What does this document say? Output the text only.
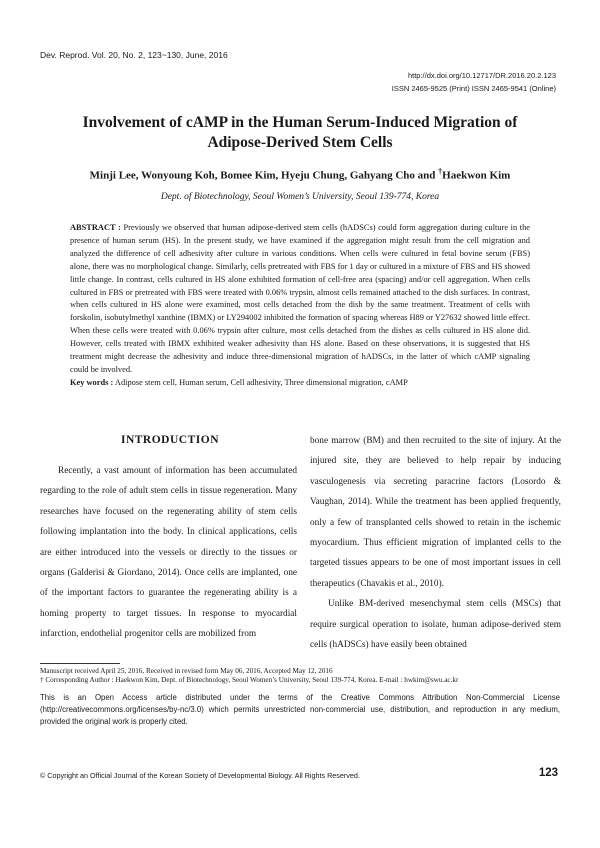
Dev. Reprod. Vol. 20, No. 2, 123~130, June, 2016
http://dx.doi.org/10.12717/DR.2016.20.2.123
ISSN 2465-9525 (Print) ISSN 2465-9541 (Online)
Involvement of cAMP in the Human Serum-Induced Migration of
Adipose-Derived Stem Cells
Minji Lee, Wonyoung Koh, Bomee Kim, Hyeju Chung, Gahyang Cho and †Haekwon Kim
Dept. of Biotechnology, Seoul Women’s University, Seoul 139-774, Korea
ABSTRACT : Previously we observed that human adipose-derived stem cells (hADSCs) could form aggregation during culture in the presence of human serum (HS). In the present study, we have examined if the aggregation might result from the cell migration and analyzed the difference of cell adhesivity after culture in various conditions. When cells were cultured in fetal bovine serum (FBS) alone, there was no morphological change. Similarly, cells pretreated with FBS for 1 day or cultured in a mixture of FBS and HS showed little change. In contrast, cells cultured in HS alone exhibited formation of cell-free area (spacing) and/or cell aggregation. When cells cultured in FBS or pretreated with FBS were treated with 0.06% trypsin, almost cells remained attached to the dish surfaces. In contrast, when cells cultured in HS alone were examined, most cells detached from the dish by the same treatment. Treatment of cells with forskolin, isobutylmethyl xanthine (IBMX) or LY294002 inhibited the formation of spacing whereas H89 or Y27632 showed little effect. When these cells were treated with 0.06% trypsin after culture, most cells detached from the dishes as cells cultured in HS alone did. However, cells treated with IBMX exhibited weaker adhesivity than HS alone. Based on these observations, it is suggested that HS treatment might decrease the adhesivity and induce three-dimensional migration of hADSCs, in the latter of which cAMP signaling could be involved.
Key words : Adipose stem cell, Human serum, Cell adhesivity, Three dimensional migration, cAMP
INTRODUCTION
Recently, a vast amount of information has been accumulated regarding to the role of adult stem cells in tissue regeneration. Many researches have focused on the regenerating ability of stem cells following implantation into the body. In clinical applications, cells are either introduced into the vessels or directly to the tissues or organs (Galderisi & Giordano, 2014). Once cells are implanted, one of the important factors to guarantee the regenerating ability is a homing property to target tissues. In response to myocardial infarction, endothelial progenitor cells are mobilized from

bone marrow (BM) and then recruited to the site of injury. At the injured site, they are believed to help repair by inducing vasculogenesis via secreting paracrine factors (Losordo & Vaughan, 2014). While the treatment has been applied frequently, only a few of transplanted cells showed to retain in the ischemic myocardium. Thus efficient migration of implanted cells to the targeted tissues appears to be one of most important issues in cell therapeutics (Chavakis et al., 2010).

Unlike BM-derived mesenchymal stem cells (MSCs) that require surgical operation to isolate, human adipose-derived stem cells (hADSCs) have easily been obtained

Manuscript received April 25, 2016, Received in revised form May 06, 2016, Accepted May 12, 2016
† Corresponding Author : Haekwon Kim, Dept. of Biotechnology, Seoul Women’s University, Seoul 139-774, Korea. E-mail : hwkim@swu.ac.kr
This is an Open Access article distributed under the terms of the Creative Commons Attribution Non-Commercial License (http://creativecommons.org/licenses/by-nc/3.0) which permits unrestricted non-commercial use, distribution, and reproduction in any medium, provided the original work is properly cited.
© Copyright an Official Journal of the Korean Society of Developmental Biology. All Rights Reserved.	123
